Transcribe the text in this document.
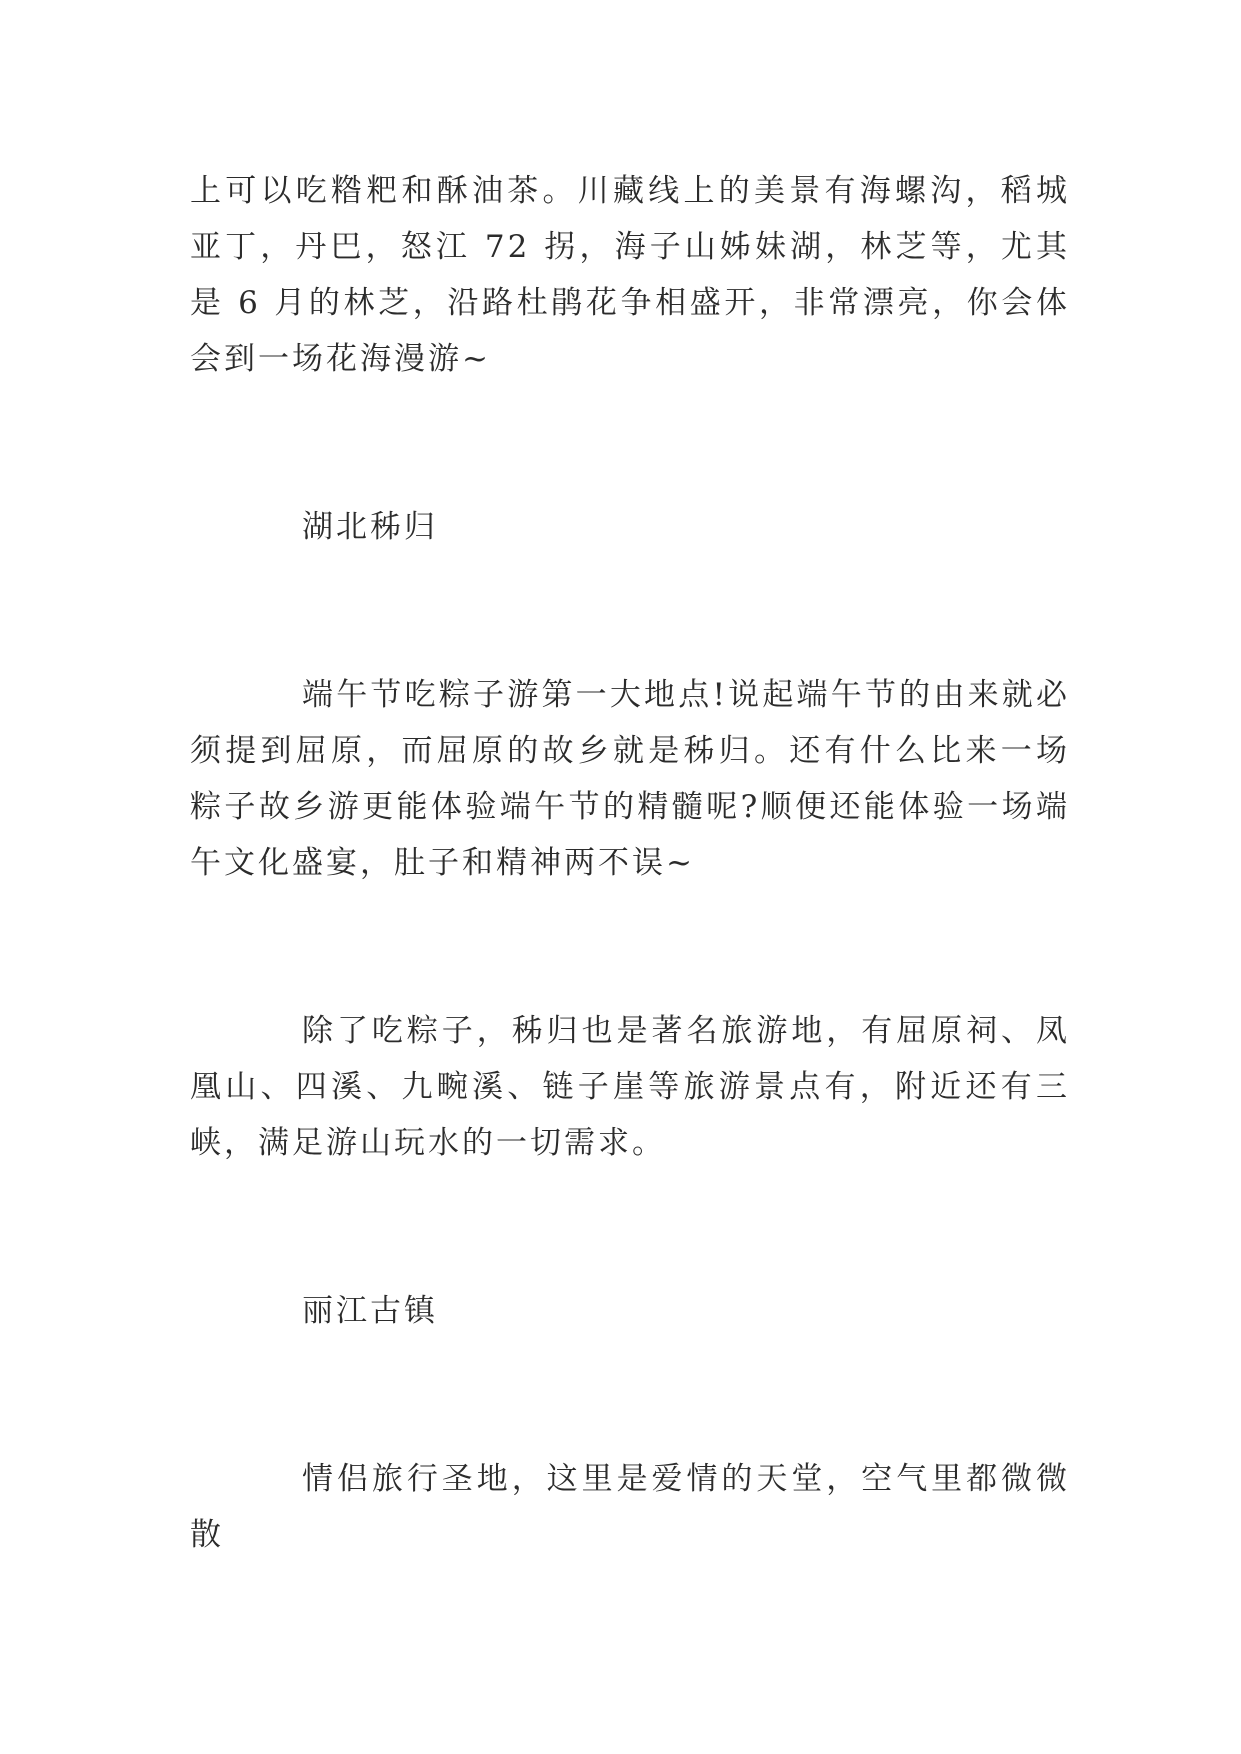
上可以吃糌粑和酥油茶。川藏线上的美景有海螺沟，稻城亚丁，丹巴，怒江 72 拐，海子山姊妹湖，林芝等，尤其是 6 月的林芝，沿路杜鹃花争相盛开，非常漂亮，你会体会到一场花海漫游~

湖北秭归

端午节吃粽子游第一大地点!说起端午节的由来就必须提到屈原，而屈原的故乡就是秭归。还有什么比来一场粽子故乡游更能体验端午节的精髓呢?顺便还能体验一场端午文化盛宴，肚子和精神两不误~

除了吃粽子，秭归也是著名旅游地，有屈原祠、凤凰山、四溪、九畹溪、链子崖等旅游景点有，附近还有三峡，满足游山玩水的一切需求。

丽江古镇

情侣旅行圣地，这里是爱情的天堂，空气里都微微散
